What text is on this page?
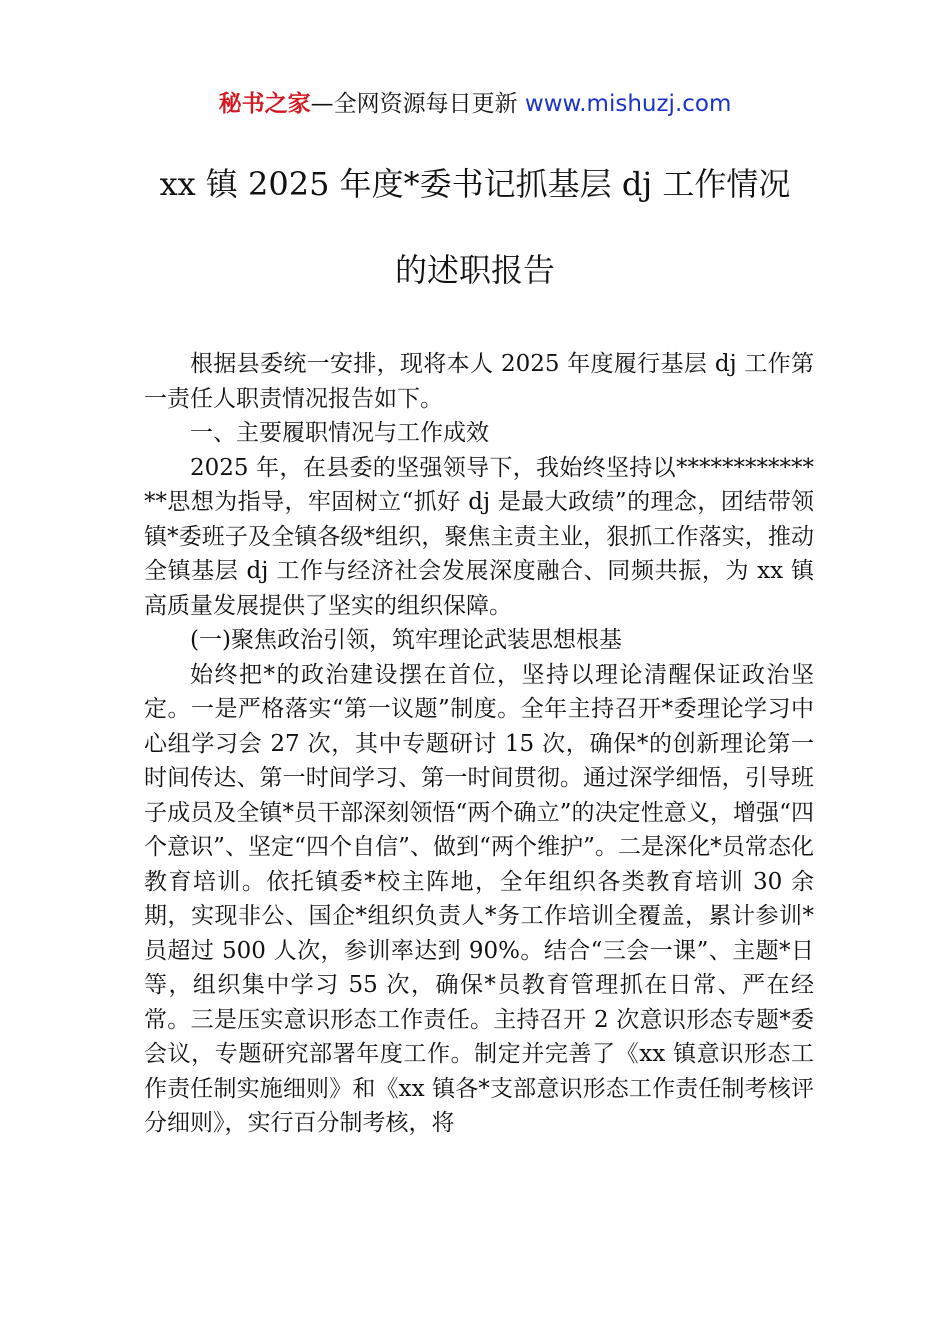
秘书之家—全网资源每日更新 www.mishuzj.com
xx 镇 2025 年度*委书记抓基层 dj 工作情况
的述职报告

根据县委统一安排，现将本人 2025 年度履行基层 dj 工作第一责任人职责情况报告如下。

一、主要履职情况与工作成效

2025 年，在县委的坚强领导下，我始终坚持以**************思想为指导，牢固树立“抓好 dj 是最大政绩”的理念，团结带领镇*委班子及全镇各级*组织，聚焦主责主业，狠抓工作落实，推动全镇基层 dj 工作与经济社会发展深度融合、同频共振，为 xx 镇高质量发展提供了坚实的组织保障。

(一)聚焦政治引领，筑牢理论武装思想根基

始终把*的政治建设摆在首位，坚持以理论清醒保证政治坚定。一是严格落实“第一议题”制度。全年主持召开*委理论学习中心组学习会 27 次，其中专题研讨 15 次，确保*的创新理论第一时间传达、第一时间学习、第一时间贯彻。通过深学细悟，引导班子成员及全镇*员干部深刻领悟“两个确立”的决定性意义，增强“四个意识”、坚定“四个自信”、做到“两个维护”。二是深化*员常态化教育培训。依托镇委*校主阵地，全年组织各类教育培训 30 余期，实现非公、国企*组织负责人*务工作培训全覆盖，累计参训*员超过 500 人次，参训率达到 90%。结合“三会一课”、主题*日等，组织集中学习 55 次，确保*员教育管理抓在日常、严在经常。三是压实意识形态工作责任。主持召开 2 次意识形态专题*委会议，专题研究部署年度工作。制定并完善了《xx 镇意识形态工作责任制实施细则》和《xx 镇各*支部意识形态工作责任制考核评分细则》，实行百分制考核，将
